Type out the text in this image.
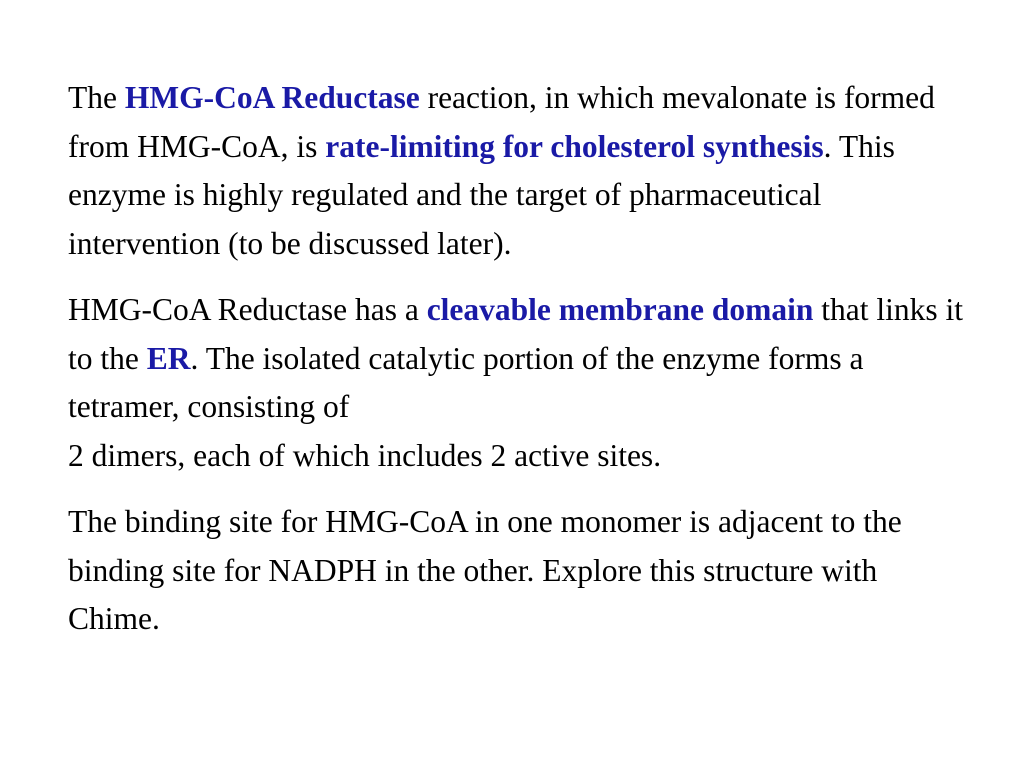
The HMG-CoA Reductase reaction, in which mevalonate is formed from HMG-CoA, is rate-limiting for cholesterol synthesis. This enzyme is highly regulated and the target of pharmaceutical intervention (to be discussed later).

HMG-CoA Reductase has a cleavable membrane domain that links it to the ER. The isolated catalytic portion of the enzyme forms a tetramer, consisting of
2 dimers, each of which includes 2 active sites.

The binding site for HMG-CoA in one monomer is adjacent to the binding site for NADPH in the other. Explore this structure with Chime.
